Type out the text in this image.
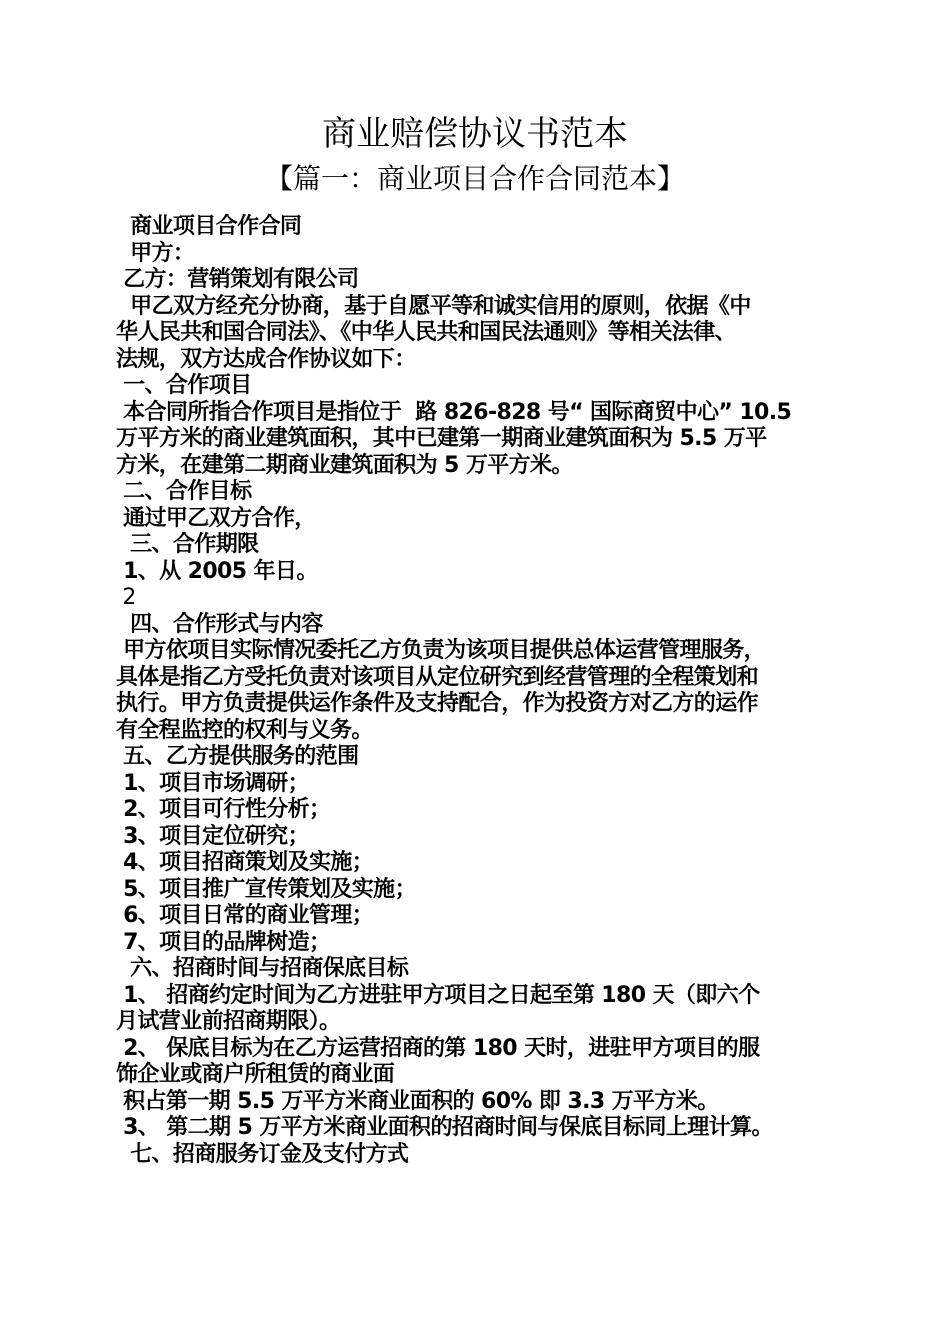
商业赔偿协议书范本
【篇一：商业项目合作合同范本】

商业项目合作合同

甲方：

乙方：营销策划有限公司

甲乙双方经充分协商，基于自愿平等和诚实信用的原则，依据《中

华人民共和国合同法》、《中华人民共和国民法通则》等相关法律、

法规，双方达成合作协议如下：

一、合作项目

本合同所指合作项目是指位于  路 826-828 号“ 国际商贸中心” 10.5

万平方米的商业建筑面积，其中已建第一期商业建筑面积为 5.5 万平

方米，在建第二期商业建筑面积为 5 万平方米。

二、合作目标

通过甲乙双方合作，

三、合作期限

1、从 2005 年日。

2

四、合作形式与内容

甲方依项目实际情况委托乙方负责为该项目提供总体运营管理服务，

具体是指乙方受托负责对该项目从定位研究到经营管理的全程策划和

执行。甲方负责提供运作条件及支持配合，作为投资方对乙方的运作

有全程监控的权利与义务。

五、乙方提供服务的范围

1、项目市场调研；

2、项目可行性分析；

3、项目定位研究；

4、项目招商策划及实施；

5、项目推广宣传策划及实施；

6、项目日常的商业管理；

7、项目的品牌树造；

六、招商时间与招商保底目标

1、 招商约定时间为乙方进驻甲方项目之日起至第 180 天（即六个

月试营业前招商期限）。

2、 保底目标为在乙方运营招商的第 180 天时，进驻甲方项目的服

饰企业或商户所租赁的商业面

积占第一期 5.5 万平方米商业面积的 60% 即 3.3 万平方米。

3、 第二期 5 万平方米商业面积的招商时间与保底目标同上理计算。

七、招商服务订金及支付方式
